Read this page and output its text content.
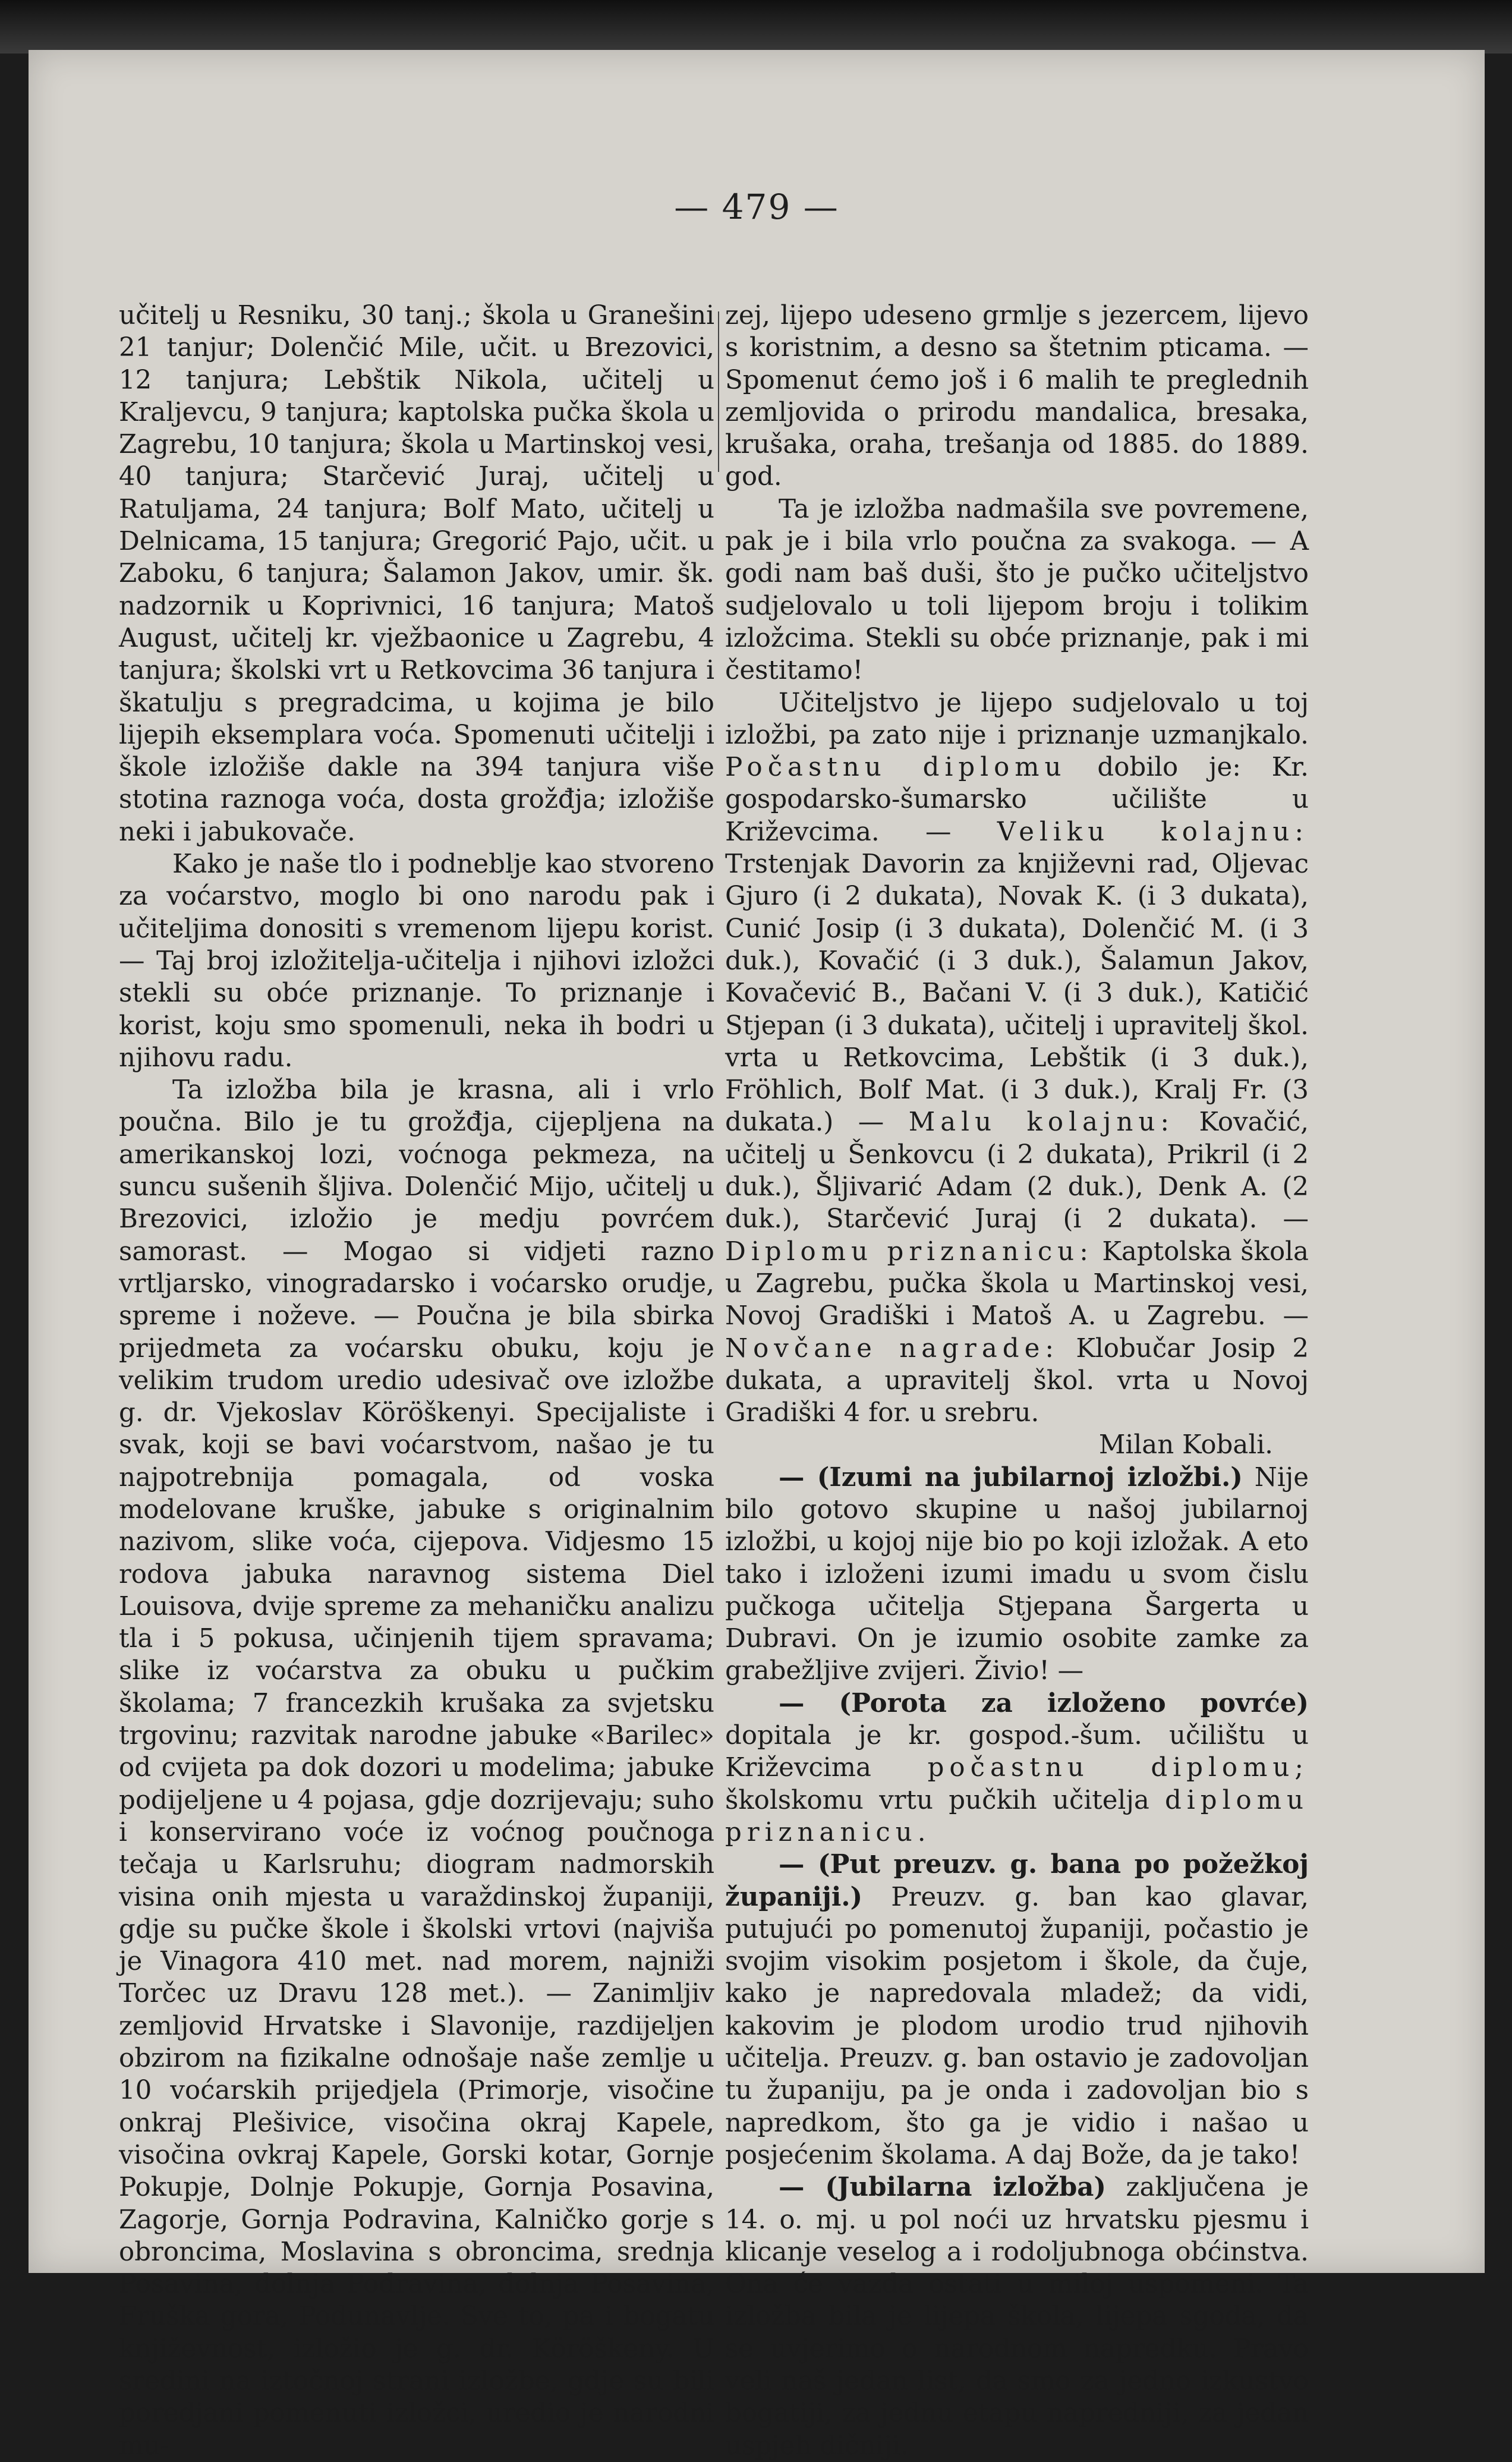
— 479 —

učitelj u Resniku, 30 tanj.; škola u Granešini 21 tanjur; Dolenčić Mile, učit. u Brezovici, 12 tanjura; Lebštik Nikola, učitelj u Kraljevcu, 9 tanjura; kaptolska pučka škola u Zagrebu, 10 tanjura; škola u Martinskoj vesi, 40 tanjura; Starčević Juraj, učitelj u Ratuljama, 24 tanjura; Bolf Mato, učitelj u Delnicama, 15 tanjura; Gregorić Pajo, učit. u Zaboku, 6 tanjura; Šalamon Jakov, umir. šk. nadzornik u Koprivnici, 16 tanjura; Matoš August, učitelj kr. vježbaonice u Zagrebu, 4 tanjura; školski vrt u Retkovcima 36 tanjura i škatulju s pregradcima, u kojima je bilo lijepih eksemplara voća. Spomenuti učitelji i škole izložiše dakle na 394 tanjura više stotina raznoga voća, dosta grožđja; izložiše neki i jabukovače.

Kako je naše tlo i podneblje kao stvoreno za voćarstvo, moglo bi ono narodu pak i učiteljima donositi s vremenom lijepu korist. — Taj broj izložitelja-učitelja i njihovi izložci stekli su obće priznanje. To priznanje i korist, koju smo spomenuli, neka ih bodri u njihovu radu.

Ta izložba bila je krasna, ali i vrlo poučna. Bilo je tu grožđja, cijepljena na amerikanskoj lozi, voćnoga pekmeza, na suncu sušenih šljiva. Dolenčić Mijo, učitelj u Brezovici, izložio je medju povrćem samorast. — Mogao si vidjeti razno vrtljarsko, vinogradarsko i voćarsko orudje, spreme i noževe. — Poučna je bila sbirka prijedmeta za voćarsku obuku, koju je velikim trudom uredio udesivač ove izložbe g. dr. Vjekoslav Köröškenyi. Specijaliste i svak, koji se bavi voćarstvom, našao je tu najpotrebnija pomagala, od voska modelovane kruške, jabuke s originalnim nazivom, slike voća, cijepova. Vidjesmo 15 rodova jabuka naravnog sistema Diel Louisova, dvije spreme za mehaničku analizu tla i 5 pokusa, učinjenih tijem spravama; slike iz voćarstva za obuku u pučkim školama; 7 francezkih krušaka za svjetsku trgovinu; razvitak narodne jabuke «Barilec» od cvijeta pa dok dozori u modelima; jabuke podijeljene u 4 pojasa, gdje dozrijevaju; suho i konservirano voće iz voćnog poučnoga tečaja u Karlsruhu; diogram nadmorskih visina onih mjesta u varaždinskoj županiji, gdje su pučke škole i školski vrtovi (najviša je Vinagora 410 met. nad morem, najniži Torčec uz Dravu 128 met.). — Zanimljiv zemljovid Hrvatske i Slavonije, razdijeljen obzirom na fizikalne odnošaje naše zemlje u 10 voćarskih prijedjela (Primorje, visočine onkraj Plešivice, visočina okraj Kapele, visočina ovkraj Kapele, Gorski kotar, Gornje Pokupje, Dolnje Pokupje, Gornja Posavina, Zagorje, Gornja Podravina, Kalničko gorje s obroncima, Moslavina s obroncima, srednja Posavina, dolnja Podravina, dolnja Posavina, Fruška gora, Podunavlje. Sve to, pa i bogatu književnost, izložio je g. dr. Köröškeny. U sredini na iztočnoj strani izložbe, gdje su bili poredjani pomenuti izložci, uredio je narodni mu-

zej, lijepo udeseno grmlje s jezercem, lijevo s koristnim, a desno sa štetnim pticama. — Spomenut ćemo još i 6 malih te preglednih zemljovida o prirodu mandalica, bresaka, krušaka, oraha, trešanja od 1885. do 1889. god.

Ta je izložba nadmašila sve povremene, pak je i bila vrlo poučna za svakoga. — A godi nam baš duši, što je pučko učiteljstvo sudjelovalo u toli lijepom broju i tolikim izložcima. Stekli su obće priznanje, pak i mi čestitamo!

Učiteljstvo je lijepo sudjelovalo u toj izložbi, pa zato nije i priznanje uzmanjkalo. Počastnu diplomu dobilo je: Kr. gospodarsko-šumarsko učilište u Križevcima. — Veliku kolajnu: Trstenjak Davorin za književni rad, Oljevac Gjuro (i 2 dukata), Novak K. (i 3 dukata), Cunić Josip (i 3 dukata), Dolenčić M. (i 3 duk.), Kovačić (i 3 duk.), Šalamun Jakov, Kovačević B., Bačani V. (i 3 duk.), Katičić Stjepan (i 3 dukata), učitelj i upravitelj škol. vrta u Retkovcima, Lebštik (i 3 duk.), Fröhlich, Bolf Mat. (i 3 duk.), Kralj Fr. (3 dukata.) — Malu kolajnu: Kovačić, učitelj u Šenkovcu (i 2 dukata), Prikril (i 2 duk.), Šljivarić Adam (2 duk.), Denk A. (2 duk.), Starčević Juraj (i 2 dukata). — Diplomu priznanicu: Kaptolska škola u Zagrebu, pučka škola u Martinskoj vesi, Novoj Gradiški i Matoš A. u Zagrebu. — Novčane nagrade: Klobučar Josip 2 dukata, a upravitelj škol. vrta u Novoj Gradiški 4 for. u srebru.

Milan Kobali.

— (Izumi na jubilarnoj izložbi.) Nije bilo gotovo skupine u našoj jubilarnoj izložbi, u kojoj nije bio po koji izložak. A eto tako i izloženi izumi imadu u svom čislu pučkoga učitelja Stjepana Šargerta u Dubravi. On je izumio osobite zamke za grabežljive zvijeri. Živio! —

— (Porota za izloženo povrće) dopitala je kr. gospod.-šum. učilištu u Križevcima počastnu diplomu; školskomu vrtu pučkih učitelja diplomu priznanicu.

— (Put preuzv. g. bana po požežkoj županiji.) Preuzv. g. ban kao glavar, putujući po pomenutoj županiji, počastio je svojim visokim posjetom i škole, da čuje, kako je napredovala mladež; da vidi, kakovim je plodom urodio trud njihovih učitelja. Preuzv. g. ban ostavio je zadovoljan tu županiju, pa je onda i zadovoljan bio s napredkom, što ga je vidio i našao u posjećenim školama. A daj Bože, da je tako!

— (Jubilarna izložba) zaključena je 14. o. mj. u pol noći uz hrvatsku pjesmu i klicanje veselog a i rodoljubnoga obćinstva. Ona će vazda ostati u miloj uspomeni. Ta izložba bila je lijepa škola, lijepa sgoda, da se uvjerimo o narodnom napredku. Pravo veli naš jedan list, da smo za jedno izkustvo bogatiji, za jednu etapu napredniji, za jedan uspjeh dičniji.
